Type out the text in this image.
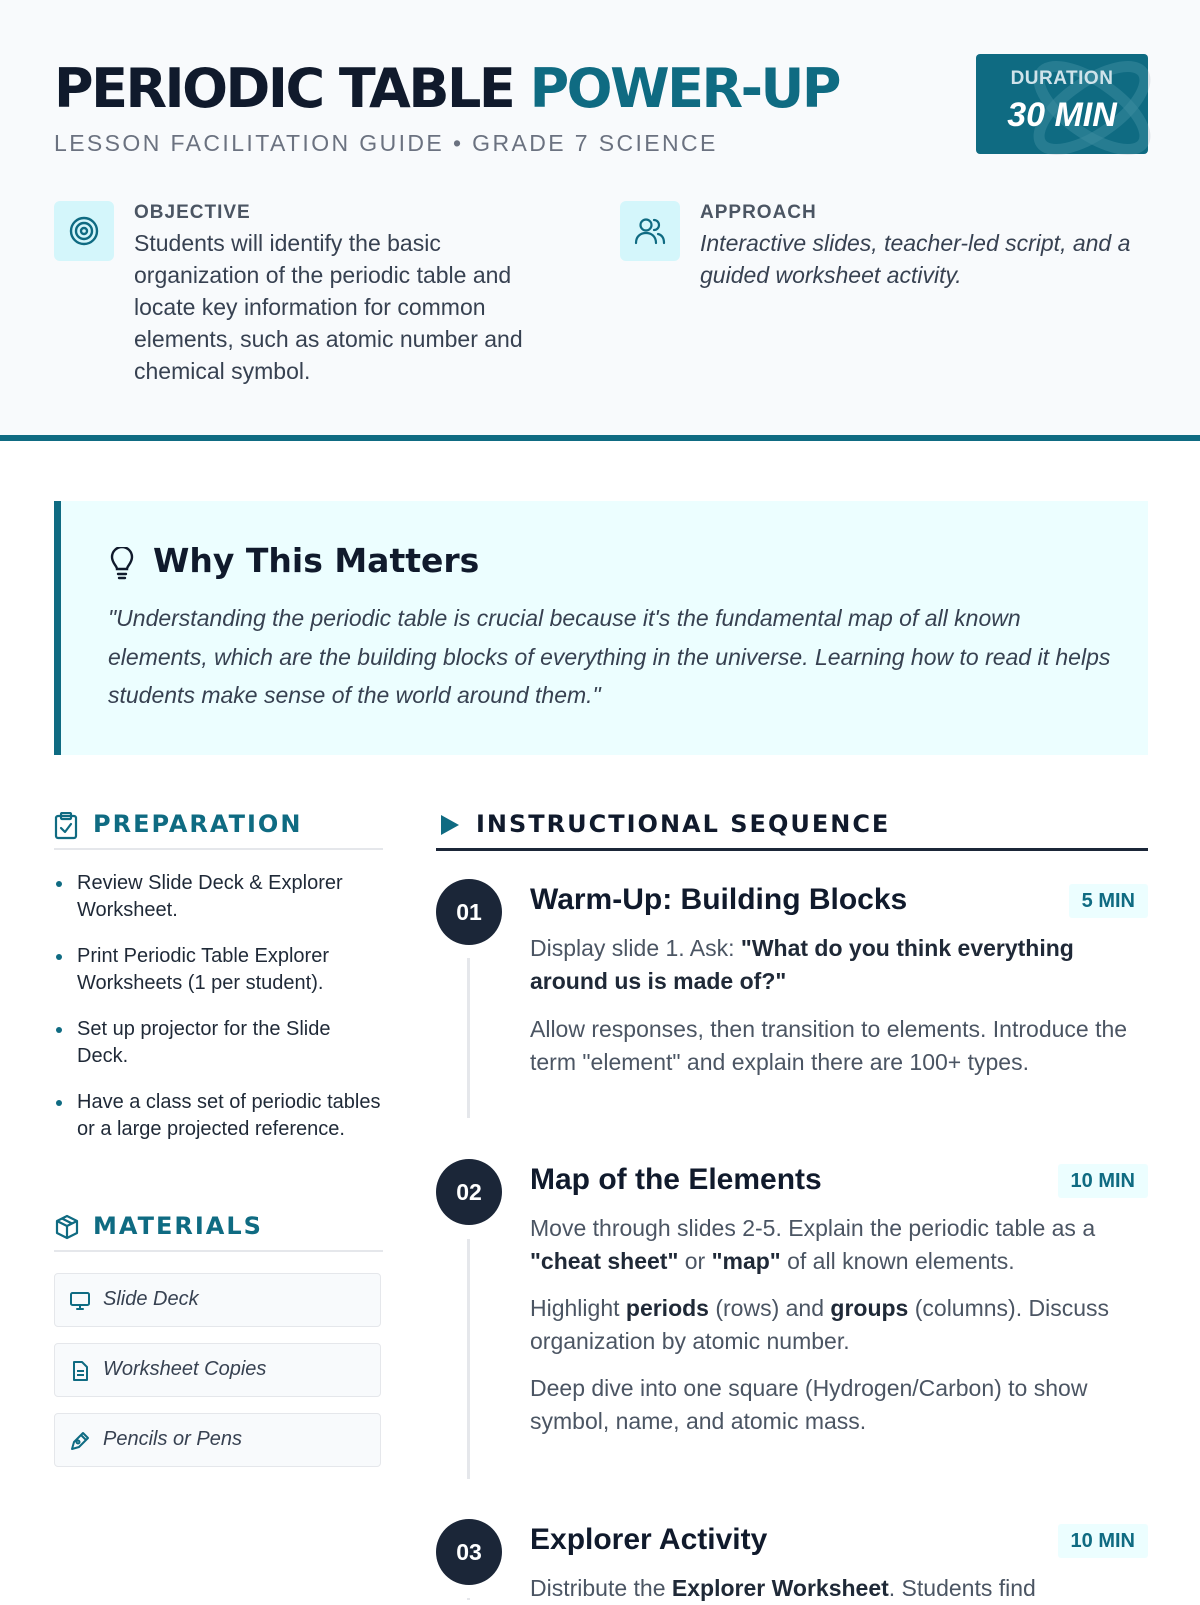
PERIODIC TABLE POWER-UP
LESSON FACILITATION GUIDE • GRADE 7 SCIENCE
DURATION
30 MIN
OBJECTIVE
Students will identify the basic organization of the periodic table and locate key information for common elements, such as atomic number and chemical symbol.
APPROACH
Interactive slides, teacher-led script, and a guided worksheet activity.
Why This Matters
"Understanding the periodic table is crucial because it's the fundamental map of all known elements, which are the building blocks of everything in the universe. Learning how to read it helps students make sense of the world around them."
PREPARATION
Review Slide Deck & Explorer Worksheet.
Print Periodic Table Explorer Worksheets (1 per student).
Set up projector for the Slide Deck.
Have a class set of periodic tables or a large projected reference.
MATERIALS
Slide Deck
Worksheet Copies
Pencils or Pens
INSTRUCTIONAL SEQUENCE
01	Warm-Up: Building Blocks	5 MIN
Display slide 1. Ask: "What do you think everything around us is made of?"
Allow responses, then transition to elements. Introduce the term "element" and explain there are 100+ types.
02	Map of the Elements	10 MIN
Move through slides 2-5. Explain the periodic table as a "cheat sheet" or "map" of all known elements.
Highlight periods (rows) and groups (columns). Discuss organization by atomic number.
Deep dive into one square (Hydrogen/Carbon) to show symbol, name, and atomic mass.
03	Explorer Activity	10 MIN
Distribute the Explorer Worksheet. Students find
